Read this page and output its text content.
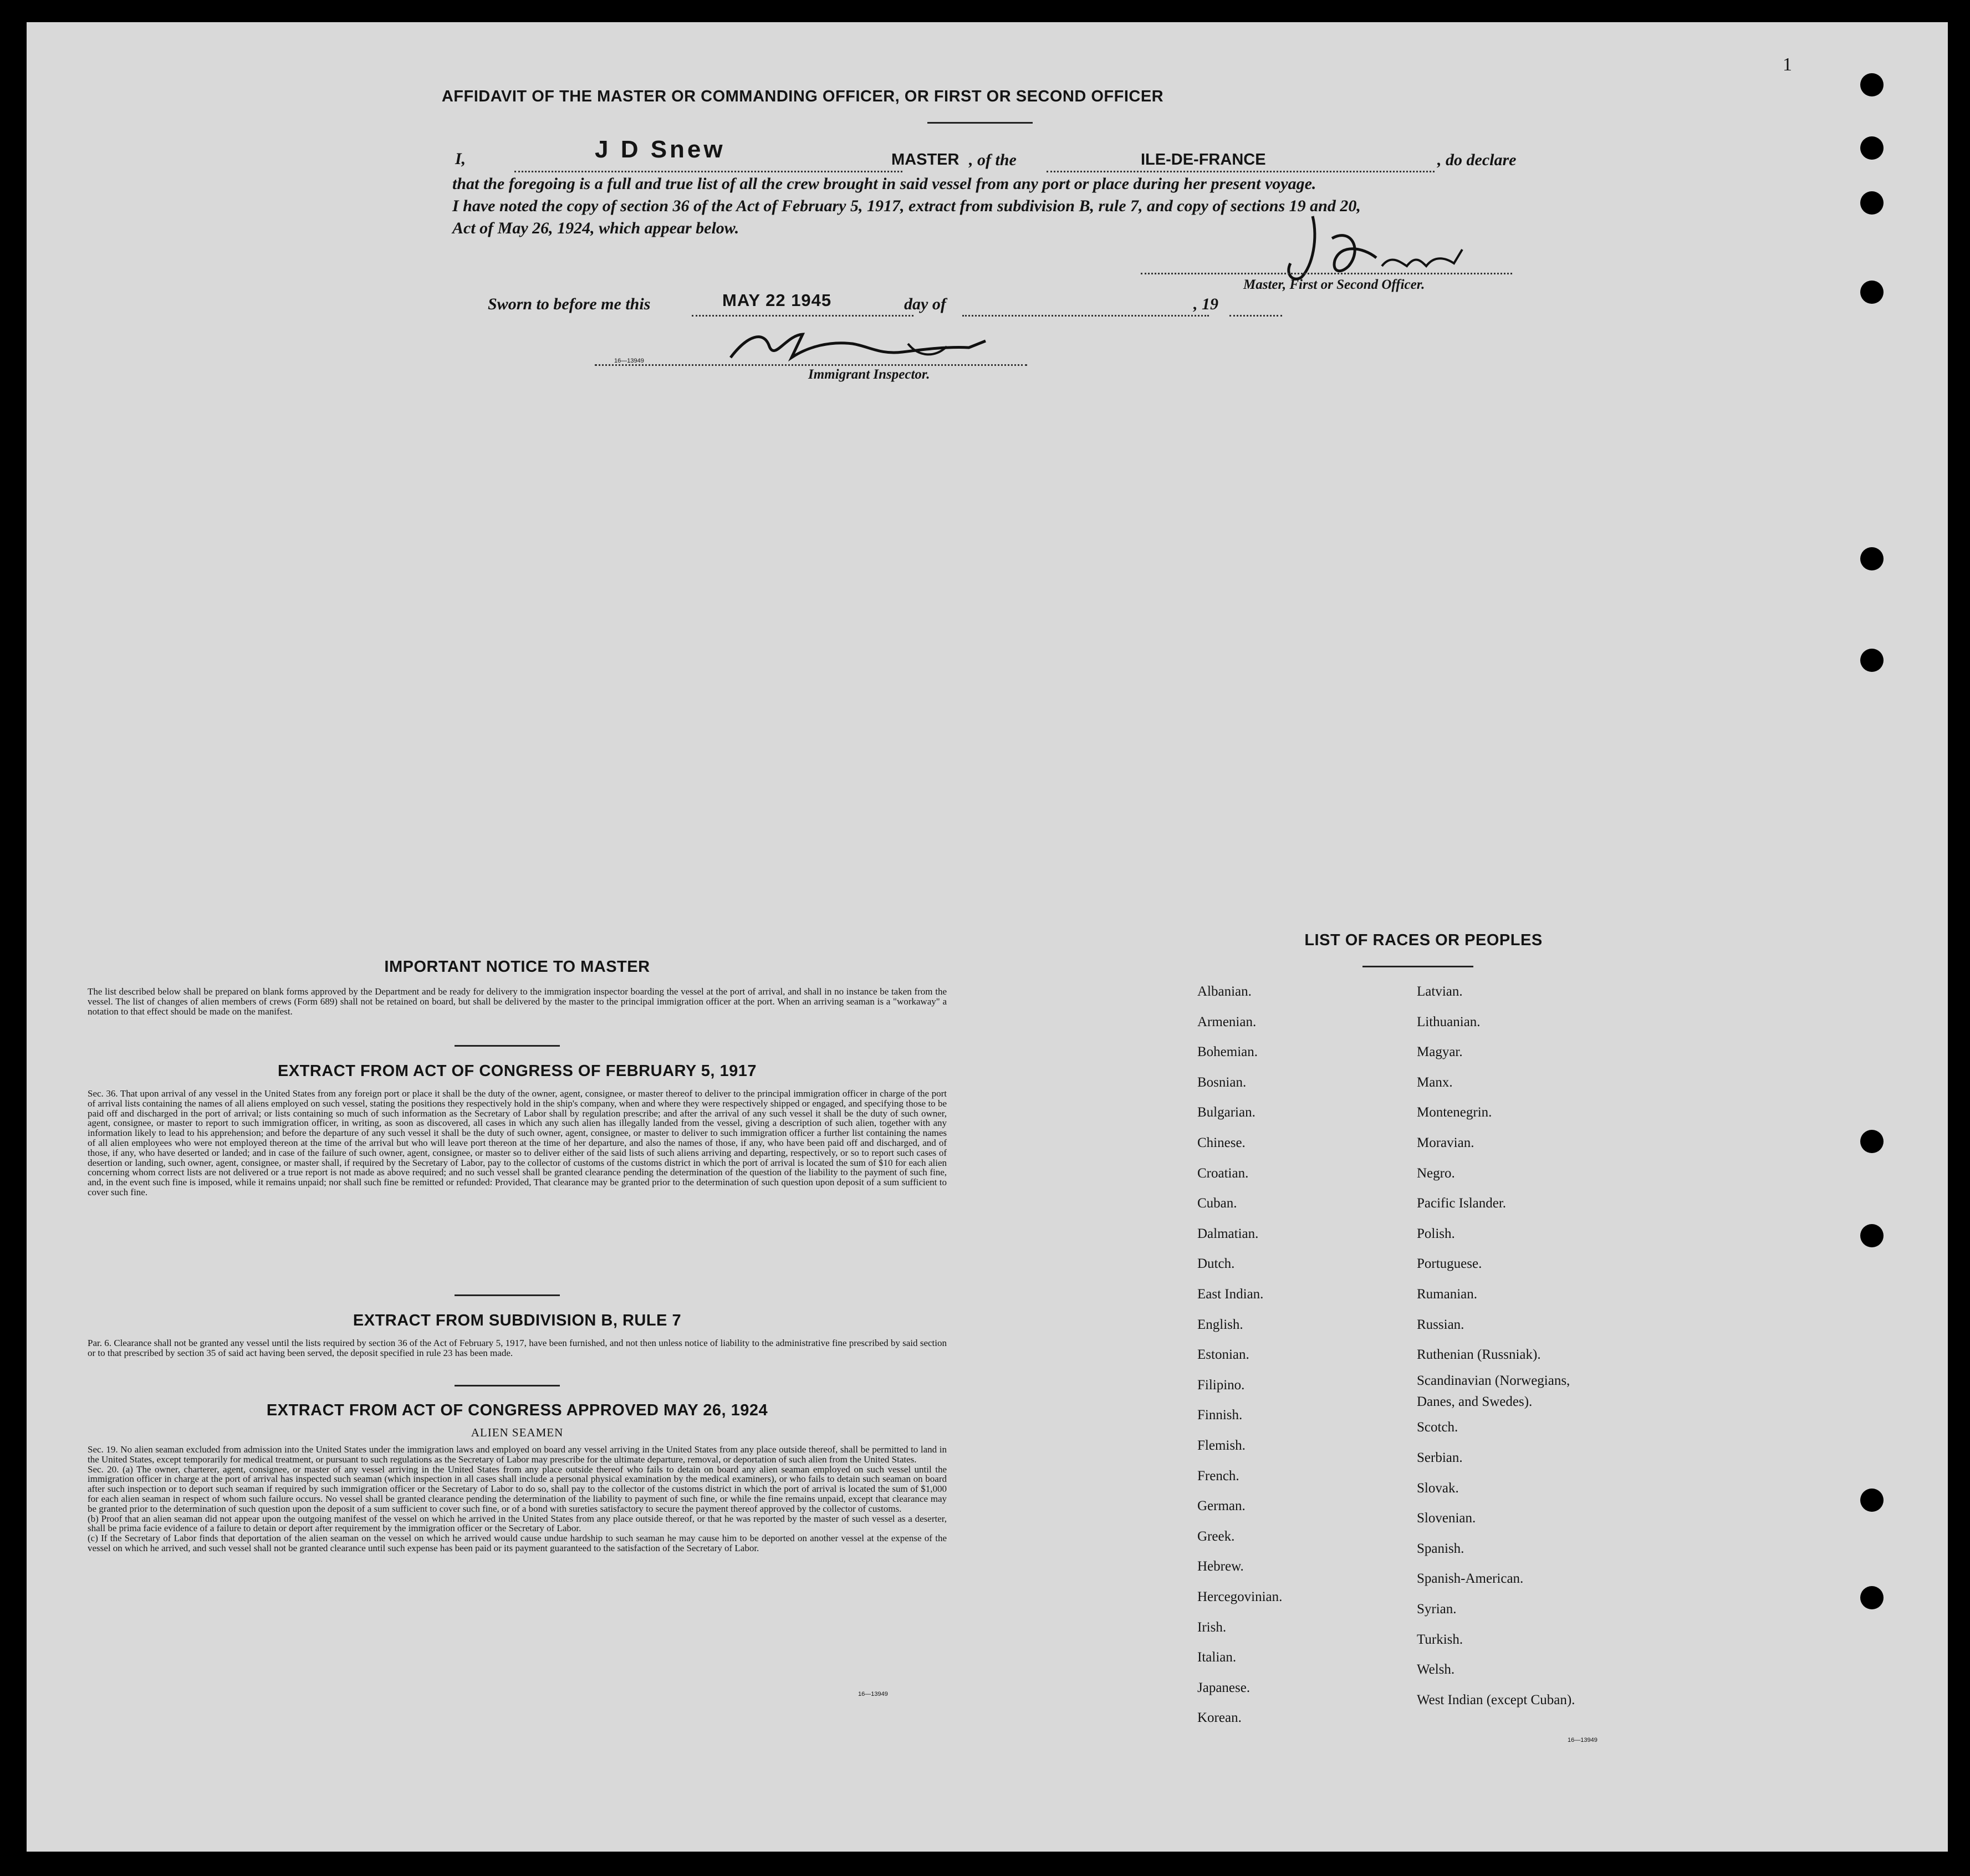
1
AFFIDAVIT OF THE MASTER OR COMMANDING OFFICER, OR FIRST OR SECOND OFFICER
I,	J D Snew	MASTER , of the	ILE-DE-FRANCE	, do declare
that the foregoing is a full and true list of all the crew brought in said vessel from any port or place during her present voyage.
I have noted the copy of section 36 of the Act of February 5, 1917, extract from subdivision B, rule 7, and copy of sections 19 and 20,
Act of May 26, 1924, which appear below.
Master, First or Second Officer.
Sworn to before me this	MAY 22 1945	day of	, 19
16—13949
Immigrant Inspector.
IMPORTANT NOTICE TO MASTER
The list described below shall be prepared on blank forms approved by the Department and be ready for delivery to the immigration inspector boarding the vessel at the port of arrival, and shall in no instance be taken from the vessel. The list of changes of alien members of crews (Form 689) shall not be retained on board, but shall be delivered by the master to the principal immigration officer at the port. When an arriving seaman is a "workaway" a notation to that effect should be made on the manifest.
EXTRACT FROM ACT OF CONGRESS OF FEBRUARY 5, 1917
Sec. 36. That upon arrival of any vessel in the United States from any foreign port or place it shall be the duty of the owner, agent, consignee, or master thereof to deliver to the principal immigration officer in charge of the port of arrival lists containing the names of all aliens employed on such vessel, stating the positions they respectively hold in the ship's company, when and where they were respectively shipped or engaged, and specifying those to be paid off and discharged in the port of arrival; or lists containing so much of such information as the Secretary of Labor shall by regulation prescribe; and after the arrival of any such vessel it shall be the duty of such owner, agent, consignee, or master to report to such immigration officer, in writing, as soon as discovered, all cases in which any such alien has illegally landed from the vessel, giving a description of such alien, together with any information likely to lead to his apprehension; and before the departure of any such vessel it shall be the duty of such owner, agent, consignee, or master to deliver to such immigration officer a further list containing the names of all alien employees who were not employed thereon at the time of the arrival but who will leave port thereon at the time of her departure, and also the names of those, if any, who have been paid off and discharged, and of those, if any, who have deserted or landed; and in case of the failure of such owner, agent, consignee, or master so to deliver either of the said lists of such aliens arriving and departing, respectively, or so to report such cases of desertion or landing, such owner, agent, consignee, or master shall, if required by the Secretary of Labor, pay to the collector of customs of the customs district in which the port of arrival is located the sum of $10 for each alien concerning whom correct lists are not delivered or a true report is not made as above required; and no such vessel shall be granted clearance pending the determination of the question of the liability to the payment of such fine, and, in the event such fine is imposed, while it remains unpaid; nor shall such fine be remitted or refunded: Provided, That clearance may be granted prior to the determination of such question upon deposit of a sum sufficient to cover such fine.
EXTRACT FROM SUBDIVISION B, RULE 7
Par. 6. Clearance shall not be granted any vessel until the lists required by section 36 of the Act of February 5, 1917, have been furnished, and not then unless notice of liability to the administrative fine prescribed by said section or to that prescribed by section 35 of said act having been served, the deposit specified in rule 23 has been made.
EXTRACT FROM ACT OF CONGRESS APPROVED MAY 26, 1924
ALIEN SEAMEN
Sec. 19. No alien seaman excluded from admission into the United States under the immigration laws and employed on board any vessel arriving in the United States from any place outside thereof, shall be permitted to land in the United States, except temporarily for medical treatment, or pursuant to such regulations as the Secretary of Labor may prescribe for the ultimate departure, removal, or deportation of such alien from the United States.
Sec. 20. (a) The owner, charterer, agent, consignee, or master of any vessel arriving in the United States from any place outside thereof who fails to detain on board any alien seaman employed on such vessel until the immigration officer in charge at the port of arrival has inspected such seaman (which inspection in all cases shall include a personal physical examination by the medical examiners), or who fails to detain such seaman on board after such inspection or to deport such seaman if required by such immigration officer or the Secretary of Labor to do so, shall pay to the collector of the customs district in which the port of arrival is located the sum of $1,000 for each alien seaman in respect of whom such failure occurs. No vessel shall be granted clearance pending the determination of the liability to payment of such fine, or while the fine remains unpaid, except that clearance may be granted prior to the determination of such question upon the deposit of a sum sufficient to cover such fine, or of a bond with sureties satisfactory to secure the payment thereof approved by the collector of customs.
(b) Proof that an alien seaman did not appear upon the outgoing manifest of the vessel on which he arrived in the United States from any place outside thereof, or that he was reported by the master of such vessel as a deserter, shall be prima facie evidence of a failure to detain or deport after requirement by the immigration officer or the Secretary of Labor.
(c) If the Secretary of Labor finds that deportation of the alien seaman on the vessel on which he arrived would cause undue hardship to such seaman he may cause him to be deported on another vessel at the expense of the vessel on which he arrived, and such vessel shall not be granted clearance until such expense has been paid or its payment guaranteed to the satisfaction of the Secretary of Labor.
16—13949
LIST OF RACES OR PEOPLES
16—13949
Albanian.
Armenian.
Bohemian.
Bosnian.
Bulgarian.
Chinese.
Croatian.
Cuban.
Dalmatian.
Dutch.
East Indian.
English.
Estonian.
Filipino.
Finnish.
Flemish.
French.
German.
Greek.
Hebrew.
Hercegovinian.
Irish.
Italian.
Japanese.
Korean.
Latvian.
Lithuanian.
Magyar.
Manx.
Montenegrin.
Moravian.
Negro.
Pacific Islander.
Polish.
Portuguese.
Rumanian.
Russian.
Ruthenian (Russniak).
Scandinavian (Norwegians,
Danes, and Swedes).
Scotch.
Serbian.
Slovak.
Slovenian.
Spanish.
Spanish-American.
Syrian.
Turkish.
Welsh.
West Indian (except Cuban).
